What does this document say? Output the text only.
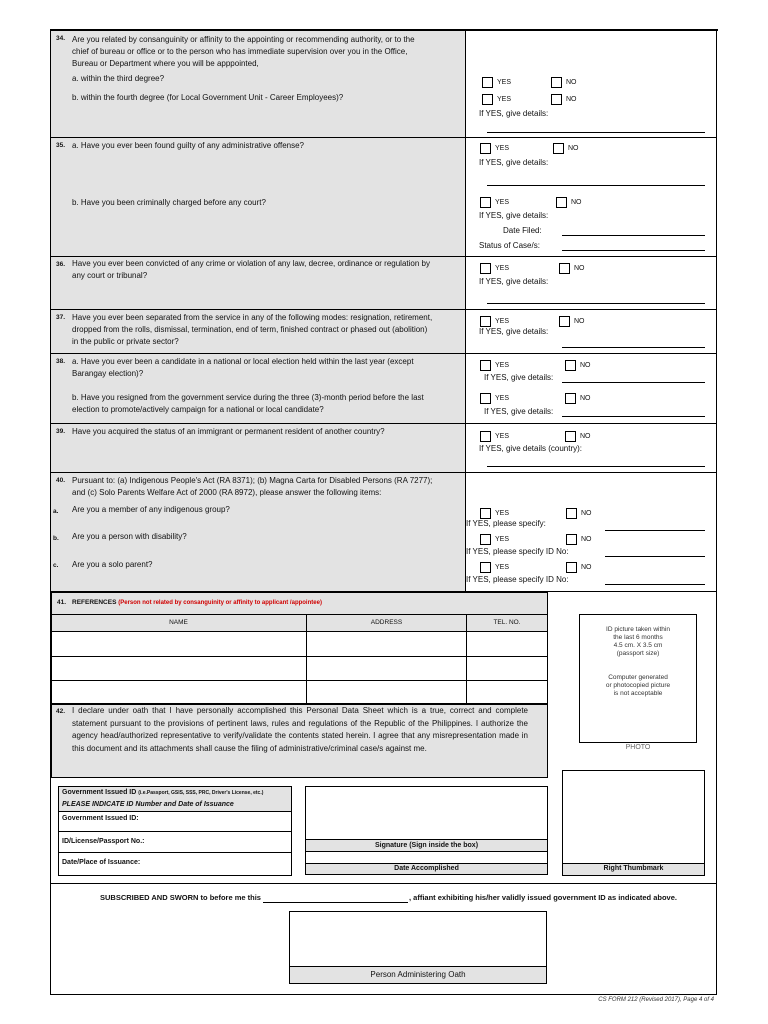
34. Are you related by consanguinity or affinity to the appointing or recommending authority, or to the
chief of bureau or office or to the person who has immediate supervision over you in the Office,
Bureau or Department where you will be apppointed,
a. within the third degree?
b. within the fourth degree (for Local Government Unit - Career Employees)?
YES	NO
YES	NO
If YES, give details:
35. a. Have you ever been found guilty of any administrative offense?
b. Have you been criminally charged before any court?
YES	NO
If YES, give details:
YES	NO
If YES, give details:
Date Filed:
Status of Case/s:
36. Have you ever been convicted of any crime or violation of any law, decree, ordinance or regulation by
any court or tribunal?
YES	NO
If YES, give details:
37. Have you ever been separated from the service in any of the following modes: resignation, retirement,
dropped from the rolls, dismissal, termination, end of term, finished contract or phased out (abolition)
in the public or private sector?
YES	NO
If YES, give details:
38. a. Have you ever been a candidate in a national or local election held within the last year (except
Barangay election)?
b. Have you resigned from the government service during the three (3)-month period before the last
election to promote/actively campaign for a national or local candidate?
YES	NO
If YES, give details:
YES	NO
If YES, give details:
39. Have you acquired the status of an immigrant or permanent resident of another country?
YES	NO
If YES, give details (country):
40. Pursuant to: (a) Indigenous People's Act (RA 8371); (b) Magna Carta for Disabled Persons (RA 7277);
and (c) Solo Parents Welfare Act of 2000 (RA 8972), please answer the following items:
a. Are you a member of any indigenous group?
b. Are you a person with disability?
c. Are you a solo parent?
YES	NO
If YES, please specify:
YES	NO
If YES, please specify ID No:
YES	NO
If YES, please specify ID No:
41. REFERENCES (Person not related by consanguinity or affinity to applicant /appointee)
NAME	ADDRESS	TEL. NO.
ID picture taken within
the last 6 months
4.5 cm. X 3.5 cm
(passport size)
Computer generated
or photocopied picture
is not acceptable
PHOTO
42. I declare under oath that I have personally accomplished this Personal Data Sheet which is a true, correct and complete statement pursuant to the provisions of pertinent laws, rules and regulations of the Republic of the Philippines. I authorize the agency head/authorized representative to verify/validate the contents stated herein. I agree that any misrepresentation made in this document and its attachments shall cause the filing of administrative/criminal case/s against me.
Government Issued ID (i.e.Passport, GSIS, SSS, PRC, Driver's License, etc.)
PLEASE INDICATE ID Number and Date of Issuance
Government Issued ID:
ID/License/Passport No.:
Date/Place of Issuance:
Signature (Sign inside the box)
Date Accomplished	Right Thumbmark
SUBSCRIBED AND SWORN to before me this	, affiant exhibiting his/her validly issued government ID as indicated above.
Person Administering Oath
CS FORM 212 (Revised 2017), Page 4 of 4
